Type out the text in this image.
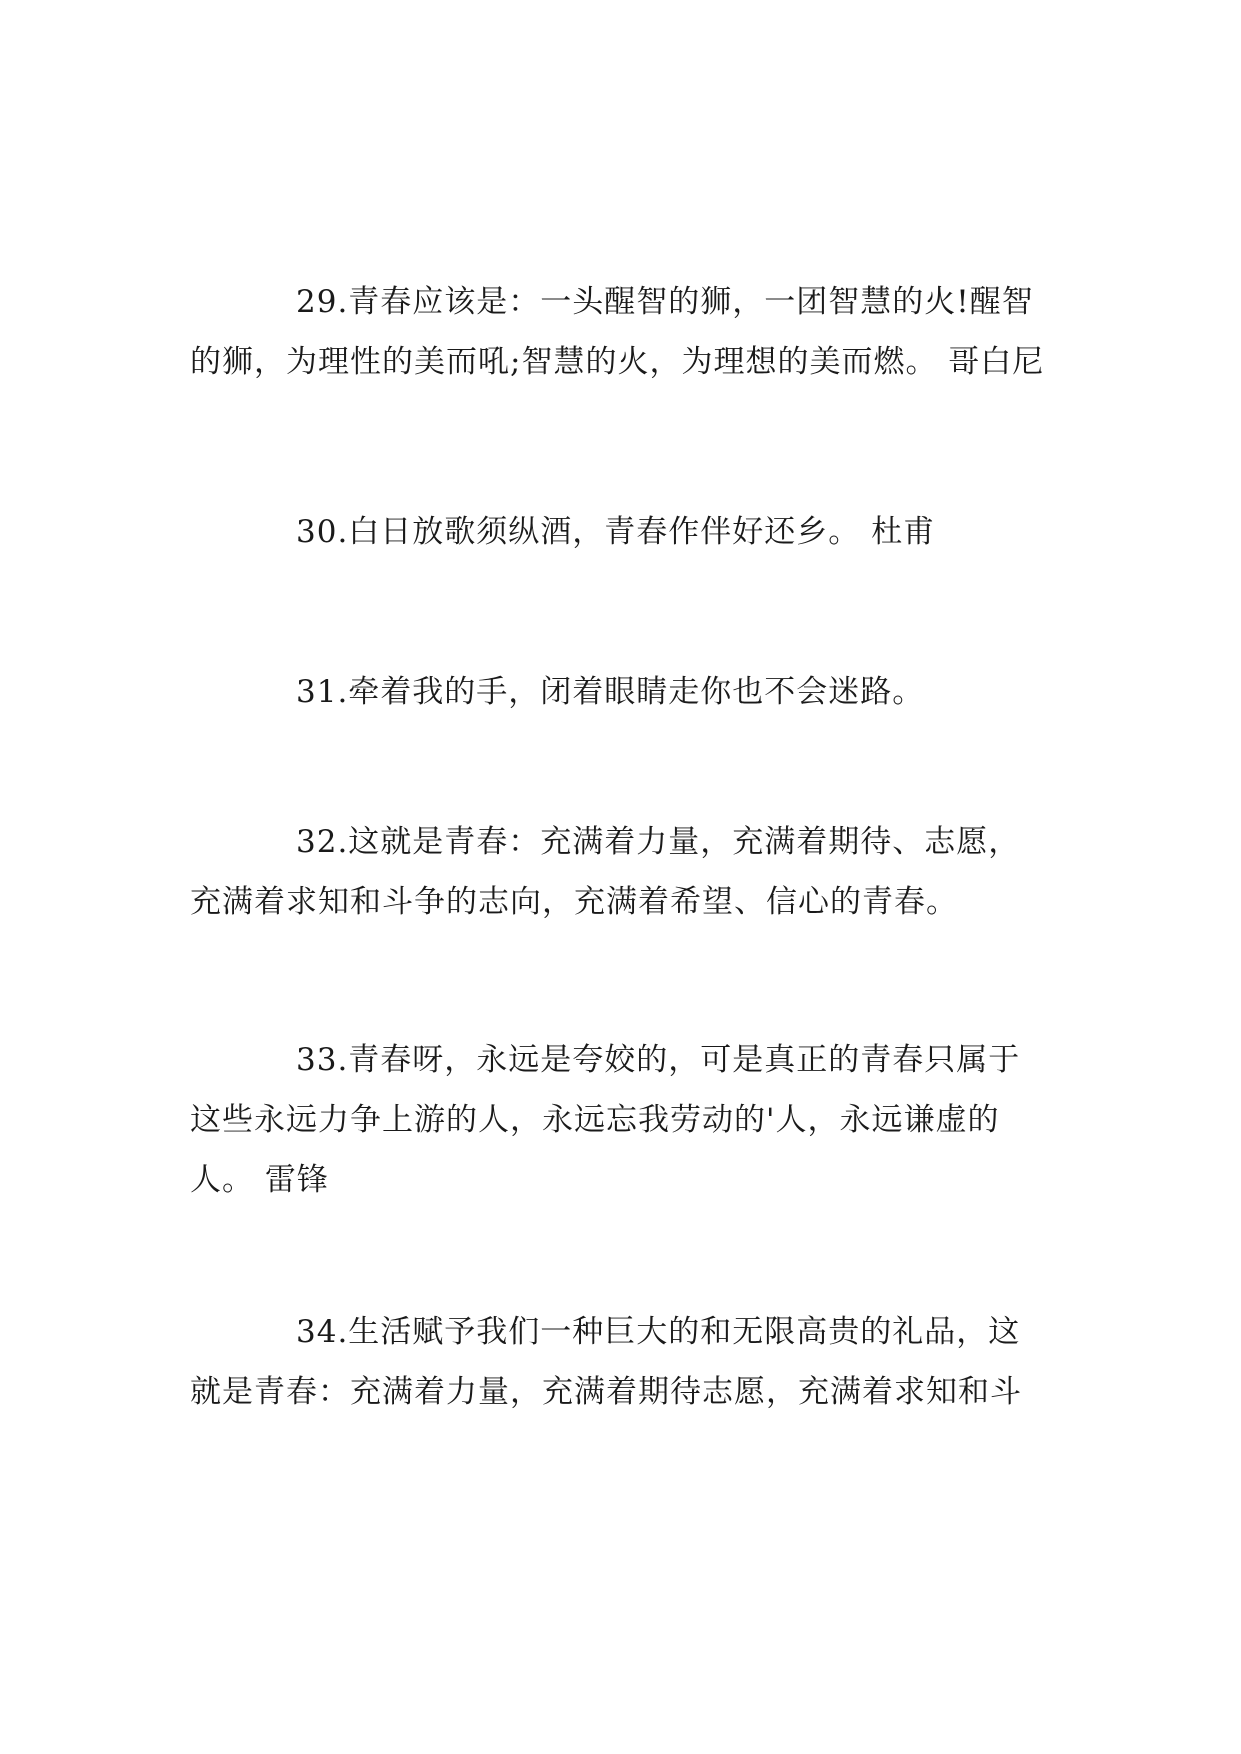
29.青春应该是：一头醒智的狮，一团智慧的火!醒智的狮，为理性的美而吼;智慧的火，为理想的美而燃。 哥白尼

30.白日放歌须纵酒，青春作伴好还乡。 杜甫

31.牵着我的手，闭着眼睛走你也不会迷路。

32.这就是青春：充满着力量，充满着期待、志愿，充满着求知和斗争的志向，充满着希望、信心的青春。

33.青春呀，永远是夸姣的，可是真正的青春只属于这些永远力争上游的人，永远忘我劳动的'人，永远谦虚的人。 雷锋

34.生活赋予我们一种巨大的和无限高贵的礼品，这就是青春：充满着力量，充满着期待志愿，充满着求知和斗
